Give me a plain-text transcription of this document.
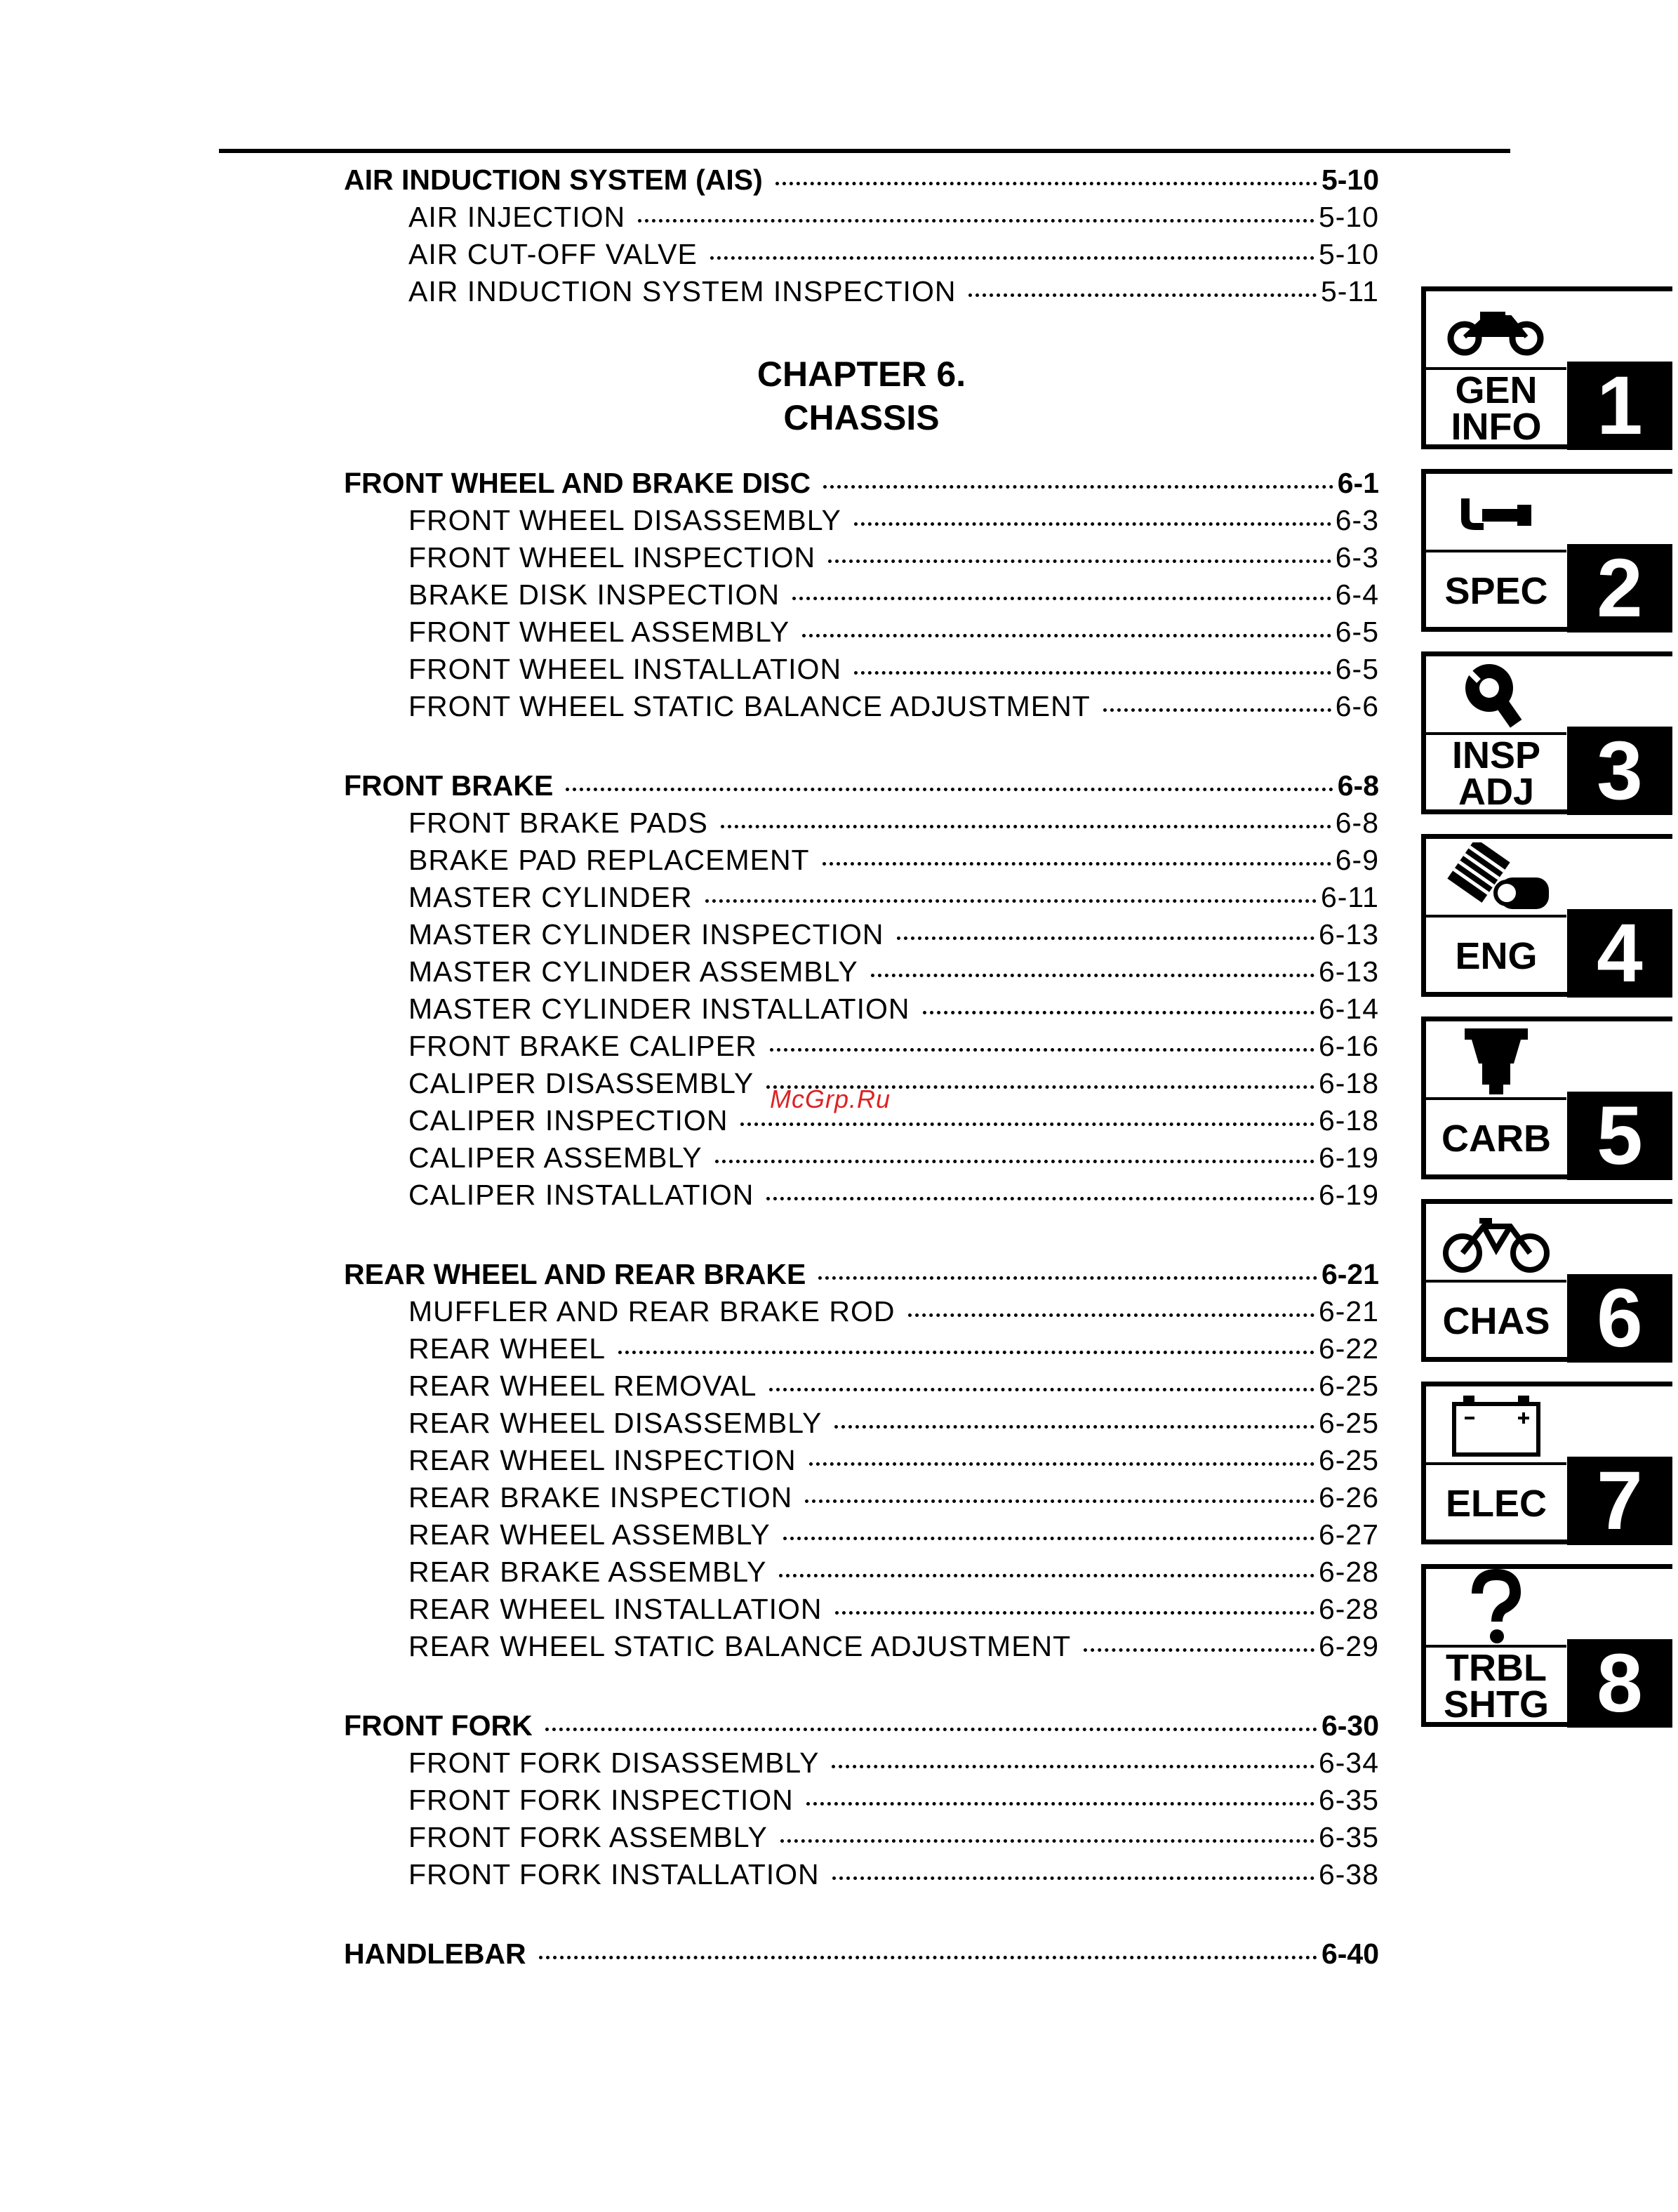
AIR INDUCTION SYSTEM (AIS)	5-10
AIR INJECTION	5-10
AIR CUT-OFF VALVE	5-10
AIR INDUCTION SYSTEM INSPECTION	5-11
CHAPTER 6.
CHASSIS
FRONT WHEEL AND BRAKE DISC	6-1
FRONT WHEEL DISASSEMBLY	6-3
FRONT WHEEL INSPECTION	6-3
BRAKE DISK INSPECTION	6-4
FRONT WHEEL ASSEMBLY	6-5
FRONT WHEEL INSTALLATION	6-5
FRONT WHEEL STATIC BALANCE ADJUSTMENT	6-6
FRONT BRAKE	6-8
FRONT BRAKE PADS	6-8
BRAKE PAD REPLACEMENT	6-9
MASTER CYLINDER	6-11
MASTER CYLINDER INSPECTION	6-13
MASTER CYLINDER ASSEMBLY	6-13
MASTER CYLINDER INSTALLATION	6-14
FRONT BRAKE CALIPER	6-16
CALIPER DISASSEMBLY	6-18
CALIPER INSPECTION	6-18
CALIPER ASSEMBLY	6-19
CALIPER INSTALLATION	6-19
REAR WHEEL AND REAR BRAKE	6-21
MUFFLER AND REAR BRAKE ROD	6-21
REAR WHEEL	6-22
REAR WHEEL REMOVAL	6-25
REAR WHEEL DISASSEMBLY	6-25
REAR WHEEL INSPECTION	6-25
REAR BRAKE INSPECTION	6-26
REAR WHEEL ASSEMBLY	6-27
REAR BRAKE ASSEMBLY	6-28
REAR WHEEL INSTALLATION	6-28
REAR WHEEL STATIC BALANCE ADJUSTMENT	6-29
FRONT FORK	6-30
FRONT FORK DISASSEMBLY	6-34
FRONT FORK INSPECTION	6-35
FRONT FORK ASSEMBLY	6-35
FRONT FORK INSTALLATION	6-38
HANDLEBAR	6-40
McGrp.Ru
GEN
INFO 1
SPEC 2
INSP
ADJ 3
ENG 4
CARB 5
CHAS 6
ELEC 7
TRBL
SHTG 8
